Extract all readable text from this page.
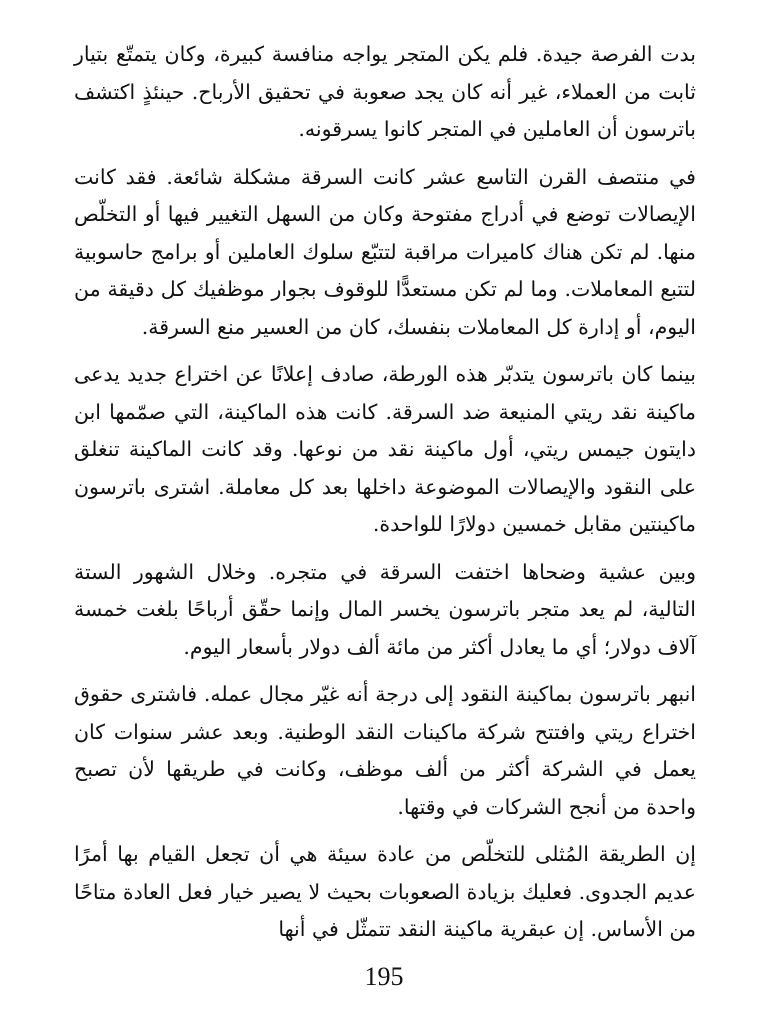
بدت الفرصة جيدة. فلم يكن المتجر يواجه منافسة كبيرة، وكان يتمتّع بتيار ثابت من العملاء، غير أنه كان يجد صعوبة في تحقيق الأرباح. حينئذٍ اكتشف باترسون أن العاملين في المتجر كانوا يسرقونه.

في منتصف القرن التاسع عشر كانت السرقة مشكلة شائعة. فقد كانت الإيصالات توضع في أدراج مفتوحة وكان من السهل التغيير فيها أو التخلّص منها. لم تكن هناك كاميرات مراقبة لتتبّع سلوك العاملين أو برامج حاسوبية لتتبع المعاملات. وما لم تكن مستعدًّا للوقوف بجوار موظفيك كل دقيقة من اليوم، أو إدارة كل المعاملات بنفسك، كان من العسير منع السرقة.

بينما كان باترسون يتدبّر هذه الورطة، صادف إعلانًا عن اختراع جديد يدعى ماكينة نقد ريتي المنيعة ضد السرقة. كانت هذه الماكينة، التي صمّمها ابن دايتون جيمس ريتي، أول ماكينة نقد من نوعها. وقد كانت الماكينة تنغلق على النقود والإيصالات الموضوعة داخلها بعد كل معاملة. اشترى باترسون ماكينتين مقابل خمسين دولارًا للواحدة.

وبين عشية وضحاها اختفت السرقة في متجره. وخلال الشهور الستة التالية، لم يعد متجر باترسون يخسر المال وإنما حقّق أرباحًا بلغت خمسة آلاف دولار؛ أي ما يعادل أكثر من مائة ألف دولار بأسعار اليوم.

انبهر باترسون بماكينة النقود إلى درجة أنه غيّر مجال عمله. فاشترى حقوق اختراع ريتي وافتتح شركة ماكينات النقد الوطنية. وبعد عشر سنوات كان يعمل في الشركة أكثر من ألف موظف، وكانت في طريقها لأن تصبح واحدة من أنجح الشركات في وقتها.

إن الطريقة المُثلى للتخلّص من عادة سيئة هي أن تجعل القيام بها أمرًا عديم الجدوى. فعليك بزيادة الصعوبات بحيث لا يصير خيار فعل العادة متاحًا من الأساس. إن عبقرية ماكينة النقد تتمثّل في أنها

195
